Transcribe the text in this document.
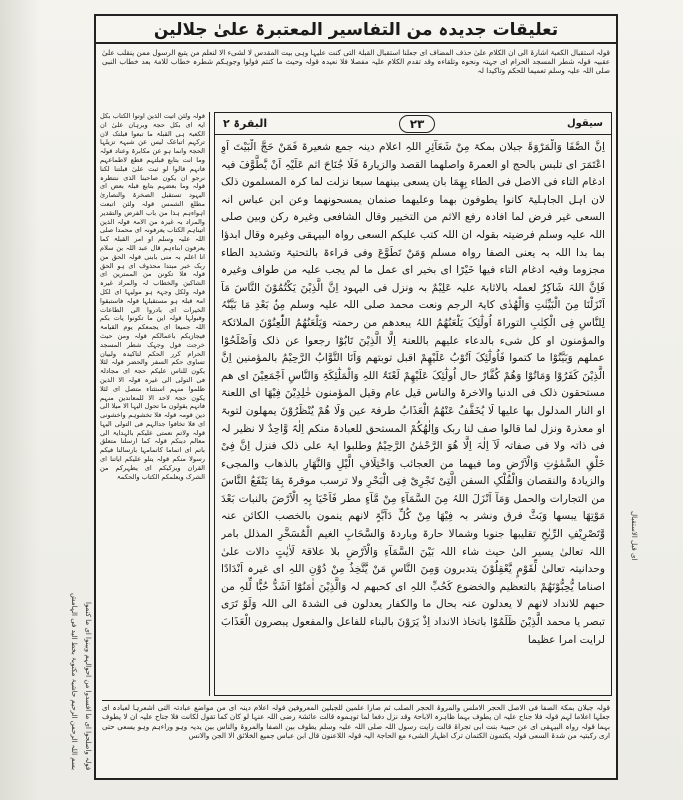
بسم اللہ الرحمن الرحیم حاشیۃ مکتوبۃ بخط الید فی الہامش قولہ واصلحوا ای ما افسدوا من احوالہم وبینوا ای ما کتموا
ای قبل الاستقبال
تعلیقات جدیدہ من التفاسیر المعتبرۃ علیٰ جلالین
قولہ استقبال الکعبۃ اشارۃ الی ان الکلام علیٰ حذف المضاف ای جعلنا استقبال القبلۃ التی کنت علیہا وہی بیت المقدس لا لشیء الا لنعلم من یتبع الرسول ممن ینقلب علیٰ عقبیہ قولہ شطر المسجد الحرام ای جہتہ ونحوہ وتلقاءہ وقد تقدم الکلام علیہ مفصلا فلا نعیدہ قولہ وحیث ما کنتم فولوا وجوہکم شطرہ خطاب للامۃ بعد خطاب النبی صلی اللہ علیہ وسلم تعمیما للحکم وتاکیدا لہ
سیقول
۲۳
البقرۃ ۲
اِنَّ الصَّفَا وَالْمَرْوَۃَ جبلان بمکۃ مِنْ شَعَآئِرِ اللہِ اعلام دینہ جمع شعیرۃ فَمَنْ حَجَّ الْبَیْتَ اَوِ اعْتَمَرَ ای تلبس بالحج او العمرۃ واصلھما القصد والزیارۃ فَلَا جُنَاحَ اثم عَلَیْہِ اَنْ یَّطَّوَّفَ فیہ ادغام التاء فی الاصل فی الطاء بِھِمَا بان یسعی بینھما سبعا نزلت لما کرہ المسلمون ذلک لان اہل الجاہلیۃ کانوا یطوفون بھما وعلیھما صنمان یمسحونھما وعن ابن عباس انہ السعی غیر فرض لما افادہ رفع الاثم من التخییر وقال الشافعی وغیرہ رکن وبین صلی اللہ علیہ وسلم فرضیتہ بقولہ ان اللہ کتب علیکم السعی رواہ البیہقی وغیرہ وقال ابدؤا بما بدا اللہ بہ یعنی الصفا رواہ مسلم وَمَنْ تَطَوَّعَ وفی قراءۃ بالتحتیۃ وتشدید الطاء مجزوما وفیہ ادغام التاء فیھا خَیْرًا ای بخیر ای عمل ما لم یجب علیہ من طواف وغیرہ فَاِنَّ اللہَ شَاکِرٌ لعملہ بالاثابۃ علیہ عَلِیْمٌ بہ ونزل فی الیہود اِنَّ الَّذِیْنَ یَکْتُمُوْنَ النَّاسَ مَآ اَنْزَلْنَا مِنَ الْبَیِّنٰتِ وَالْھُدٰی کایۃ الرجم ونعت محمد صلی اللہ علیہ وسلم مِنْۢ بَعْدِ مَا بَیَّنّٰہُ لِلنَّاسِ فِی الْکِتٰبِ التوراۃ اُولٰٓئِکَ یَلْعَنُھُمُ اللہُ یبعدھم من رحمتہ وَیَلْعَنُھُمُ اللّٰعِنُوْنَ الملائکۃ والمؤمنون او کل شیء بالدعاء علیھم باللعنۃ اِلَّا الَّذِیْنَ تَابُوْا رجعوا عن ذلک وَاَصْلَحُوْا عملھم وَبَیَّنُوْا ما کتموا فَاُولٰٓئِکَ اَتُوْبُ عَلَیْھِمْ اقبل توبتھم وَاَنَا التَّوَّابُ الرَّحِیْمُ بالمؤمنین اِنَّ الَّذِیْنَ کَفَرُوْا وَمَاتُوْا وَھُمْ کُفَّارٌ حال اُولٰٓئِکَ عَلَیْھِمْ لَعْنَۃُ اللہِ وَالْمَلٰٓئِکَۃِ وَالنَّاسِ اَجْمَعِیْنَ ای ھم مستحقون ذلک فی الدنیا والاخرۃ والناس قیل عام وقیل المؤمنون خٰلِدِیْنَ فِیْھَا ای اللعنۃ او النار المدلول بھا علیھا لَا یُخَفَّفُ عَنْھُمُ الْعَذَابُ طرفۃ عین وَلَا ھُمْ یُنْظَرُوْنَ یمھلون لتوبۃ او معذرۃ ونزل لما قالوا صف لنا ربک وَاِلٰھُکُمْ المستحق للعبادۃ منکم اِلٰہٌ وَّاحِدٌ لا نظیر لہ فی ذاتہ ولا فی صفاتہ لَآ اِلٰہَ اِلَّا ھُوَ الرَّحْمٰنُ الرَّحِیْمُ وطلبوا ایۃ علی ذلک فنزل اِنَّ فِیْ خَلْقِ السَّمٰوٰتِ وَالْاَرْضِ وما فیھما من العجائب وَاخْتِلَافِ الَّیْلِ وَالنَّھَارِ بالذھاب والمجیء والزیادۃ والنقصان وَالْفُلْکِ السفن الَّتِیْ تَجْرِیْ فِی الْبَحْرِ ولا ترسب موقرۃ بِمَا یَنْفَعُ النَّاسَ من التجارات والحمل وَمَآ اَنْزَلَ اللہُ مِنَ السَّمَآءِ مِنْ مَّآءٍ مطر فَاَحْیَا بِہِ الْاَرْضَ بالنبات بَعْدَ مَوْتِھَا یبسھا وَبَثَّ فرق ونشر بہ فِیْھَا مِنْ کُلِّ دَآبَّۃٍ لانھم ینمون بالخصب الکائن عنہ وَّتَصْرِیْفِ الرِّیٰحِ تقلیبھا جنوبا وشمالا حارۃ وباردۃ وَالسَّحَابِ الغیم الْمُسَخَّرِ المذلل بامر اللہ تعالیٰ یسیر الیٰ حیث شاء اللہ بَیْنَ السَّمَآءِ وَالْاَرْضِ بلا علاقۃ لَاٰیٰتٍ دالات علیٰ وحدانیتہ تعالیٰ لِّقَوْمٍ یَّعْقِلُوْنَ یتدبرون وَمِنَ النَّاسِ مَنْ یَّتَّخِذُ مِنْ دُوْنِ اللہِ ای غیرہ اَنْدَادًا اصناما یُّحِبُّوْنَھُمْ بالتعظیم والخضوع کَحُبِّ اللہِ ای کحبھم لہ وَالَّذِیْنَ اٰمَنُوْٓا اَشَدُّ حُبًّا لِّلہِ من حبھم للانداد لانھم لا یعدلون عنہ بحال ما والکفار یعدلون فی الشدۃ الی اللہ وَلَوْ تَرَی تبصر یا محمد الَّذِیْنَ ظَلَمُوْا باتخاذ الانداد اِذْ یَرَوْنَ بالبناء للفاعل والمفعول یبصرون الْعَذَابَ لرایت امرا عظیما
قولہ ولئن اتیت الذین اوتوا الکتاب بکل ایۃ ای بکل حجۃ وبرہان علیٰ ان الکعبۃ ہی القبلۃ ما تبعوا قبلتک لان ترکہم اتباعک لیس عن شبہۃ تزیلہا الحجۃ وانما ہو عن مکابرۃ وعناد قولہ وما انت بتابع قبلتہم قطع لاطماعہم فانہم قالوا لو ثبت علیٰ قبلتنا لکنا نرجو ان یکون صاحبنا الذی ننتظرہ قولہ وما بعضہم بتابع قبلۃ بعض ای الیہود تستقبل الصخرۃ والنصاریٰ مطلع الشمس قولہ ولئن اتبعت اہواءہم ہذا من باب الفرض والتقدیر والمراد بہ غیرہ من الامۃ قولہ الذین اتیناہم الکتاب یعرفونہ ای محمدا صلی اللہ علیہ وسلم او امر القبلۃ کما یعرفون ابناءہم قال عبد اللہ بن سلام انا اعلم بہ منی بابنی قولہ الحق من ربک خبر مبتدا محذوف ای ہو الحق قولہ فلا تکونن من الممترین ای الشاکین والخطاب لہ والمراد غیرہ قولہ ولکل وجہۃ ہو مولیہا ای لکل امۃ قبلۃ ہو مستقبلہا قولہ فاستبقوا الخیرات ای بادروا الی الطاعات وقبولہا قولہ این ما تکونوا یات بکم اللہ جمیعا ای یجمعکم یوم القیامۃ فیجازیکم باعمالکم قولہ ومن حیث خرجت فول وجہک شطر المسجد الحرام کرر الحکم لتاکیدہ ولبیان تساوی حکم السفر والحضر قولہ لئلا یکون للناس علیکم حجۃ ای مجادلۃ فی التولی الی غیرہ قولہ الا الذین ظلموا منہم استثناء متصل ای لئلا یکون حجۃ لاحد الا للمعاندین منہم فانہم یقولون ما تحول الیہا الا میلا الی دین قومہ قولہ فلا تخشوہم واخشونی ای فلا تخافوا جدالہم فی التولی الیہا قولہ ولاتم نعمتی علیکم بالہدایۃ الی معالم دینکم قولہ کما ارسلنا متعلق باتم ای اتماما کاتمامہا بارسالنا فیکم رسولا منکم قولہ یتلو علیکم ایاتنا ای القران ویزکیکم ای یطہرکم من الشرک ویعلمکم الکتاب والحکمۃ
قولہ جبلان بمکۃ الصفا فی الاصل الحجر الاملس والمروۃ الحجر الصلب ثم صارا علمین للجبلین المعروفین قولہ اعلام دینہ ای من مواضع عبادتہ التی اشعرہا لعبادہ ای جعلہا اعلاما لہم قولہ فلا جناح علیہ ان یطوف بہما ظاہرہ الاباحۃ وقد نزل دفعا لما توہموہ قالت عائشۃ رضی اللہ عنہا لو کان کما تقول لکانت فلا جناح علیہ ان لا یطوف بہما قولہ رواہ البیہقی ای عن حبیبۃ بنت ابی تجراۃ قالت رایت رسول اللہ صلی اللہ علیہ وسلم یطوف بین الصفا والمروۃ والناس بین یدیہ وہو وراءہم وہو یسعی حتی اری رکبتیہ من شدۃ السعی قولہ یکتمون الکتمان ترک اظہار الشیء مع الحاجۃ الیہ قولہ اللاعنون قال ابن عباس جمیع الخلائق الا الجن والانس
